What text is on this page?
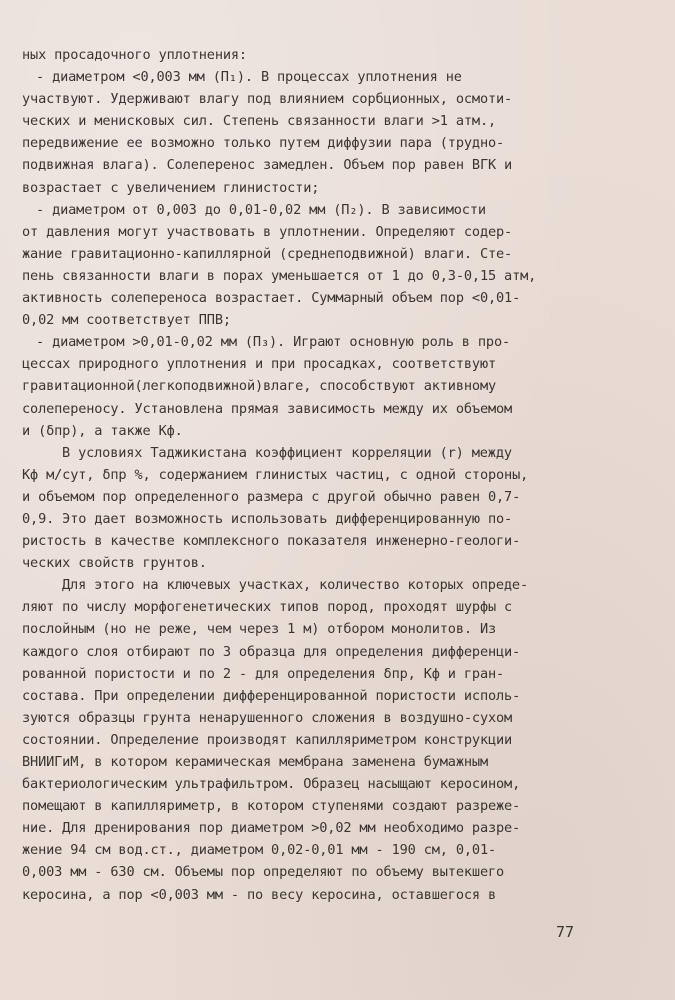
ных просадочного уплотнения:
- диаметром <0,003 мм (П₁). В процессах уплотнения не
участвуют. Удерживают влагу под влиянием сорбционных, осмоти-
ческих и менисковых сил. Степень связанности влаги >1 атм.,
передвижение ее возможно только путем диффузии пара (трудно-
подвижная влага). Солеперенос замедлен. Объем пор равен ВГК и
возрастает с увеличением глинистости;
- диаметром от 0,003 до 0,01-0,02 мм (П₂). В зависимости
от давления могут участвовать в уплотнении. Определяют содер-
жание гравитационно-капиллярной (среднеподвижной) влаги. Сте-
пень связанности влаги в порах уменьшается от 1 до 0,3-0,15 атм,
активность солепереноса возрастает. Суммарный объем пор <0,01-
0,02 мм соответствует ППВ;
- диаметром >0,01-0,02 мм (П₃). Играют основную роль в про-
цессах природного уплотнения и при просадках, соответствуют
гравитационной(легкоподвижной)влаге, способствуют активному
солепереносу. Установлена прямая зависимость между их объемом
и (δпр), а также Кф.
В условиях Таджикистана коэффициент корреляции (r) между
Кф м/сут, δпр %, содержанием глинистых частиц, с одной стороны,
и объемом пор определенного размера с другой обычно равен 0,7-
0,9. Это дает возможность использовать дифференцированную по-
ристость в качестве комплексного показателя инженерно-геологи-
ческих свойств грунтов.
Для этого на ключевых участках, количество которых опреде-
ляют по числу морфогенетических типов пород, проходят шурфы с
послойным (но не реже, чем через 1 м) отбором монолитов. Из
каждого слоя отбирают по 3 образца для определения дифференци-
рованной пористости и по 2 - для определения δпр, Кф и гран-
состава. При определении дифференцированной пористости исполь-
зуются образцы грунта ненарушенного сложения в воздушно-сухом
состоянии. Определение производят капилляриметром конструкции
ВНИИГиМ, в котором керамическая мембрана заменена бумажным
бактериологическим ультрафильтром. Образец насыщают керосином,
помещают в капилляриметр, в котором ступенями создают разреже-
ние. Для дренирования пор диаметром >0,02 мм необходимо разре-
жение 94 см вод.ст., диаметром 0,02-0,01 мм - 190 см, 0,01-
0,003 мм - 630 см. Объемы пор определяют по объему вытекшего
керосина, а пор <0,003 мм - по весу керосина, оставшегося в
77
